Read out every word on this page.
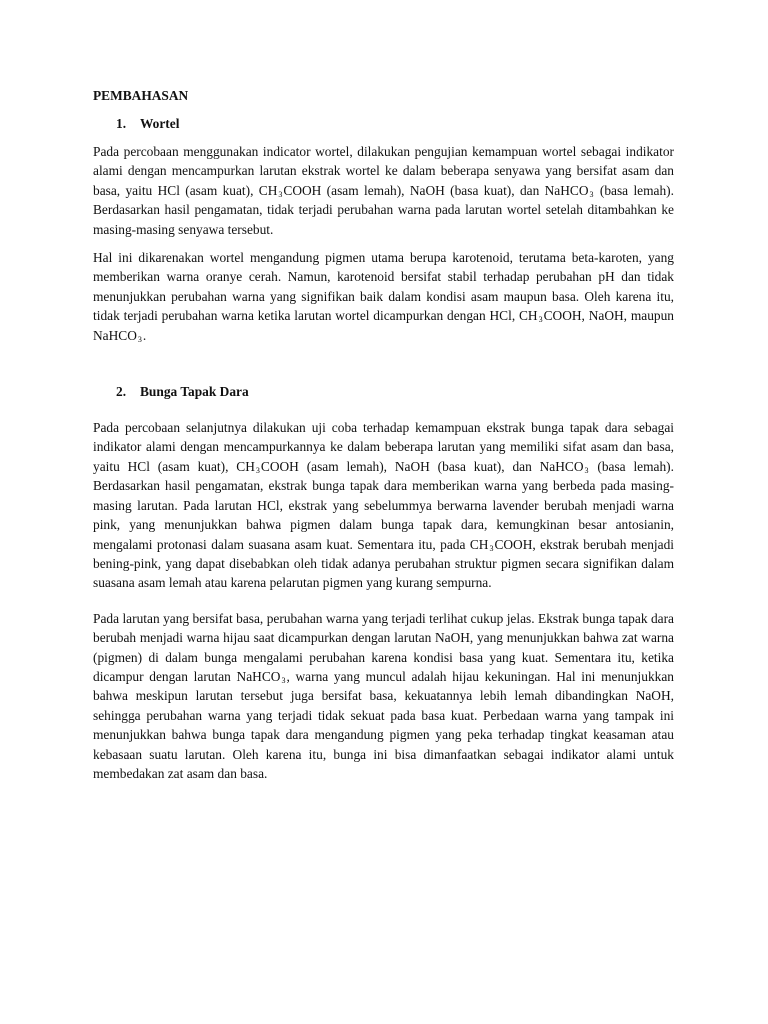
PEMBAHASAN
1. Wortel

Pada percobaan menggunakan indicator wortel, dilakukan pengujian kemampuan wortel sebagai indikator alami dengan mencampurkan larutan ekstrak wortel ke dalam beberapa senyawa yang bersifat asam dan basa, yaitu HCl (asam kuat), $CH_3COOH$ (asam lemah), NaOH (basa kuat), dan NaHCO$_3$ (basa lemah). Berdasarkan hasil pengamatan, tidak terjadi perubahan warna pada larutan wortel setelah ditambahkan ke masing-masing senyawa tersebut.

Hal ini dikarenakan wortel mengandung pigmen utama berupa karotenoid, terutama beta-karoten, yang memberikan warna oranye cerah. Namun, karotenoid bersifat stabil terhadap perubahan pH dan tidak menunjukkan perubahan warna yang signifikan baik dalam kondisi asam maupun basa. Oleh karena itu, tidak terjadi perubahan warna ketika larutan wortel dicampurkan dengan HCl, $CH_3COOH$, NaOH, maupun NaHCO$_3$.

2. Bunga Tapak Dara

Pada percobaan selanjutnya dilakukan uji coba terhadap kemampuan ekstrak bunga tapak dara sebagai indikator alami dengan mencampurkannya ke dalam beberapa larutan yang memiliki sifat asam dan basa, yaitu HCl (asam kuat), $CH_3COOH$ (asam lemah), NaOH (basa kuat), dan NaHCO$_3$ (basa lemah). Berdasarkan hasil pengamatan, ekstrak bunga tapak dara memberikan warna yang berbeda pada masing-masing larutan. Pada larutan HCl, ekstrak yang sebelummya berwarna lavender berubah menjadi warna pink, yang menunjukkan bahwa pigmen dalam bunga tapak dara, kemungkinan besar antosianin, mengalami protonasi dalam suasana asam kuat. Sementara itu, pada $CH_3COOH$, ekstrak berubah menjadi bening-pink, yang dapat disebabkan oleh tidak adanya perubahan struktur pigmen secara signifikan dalam suasana asam lemah atau karena pelarutan pigmen yang kurang sempurna.

Pada larutan yang bersifat basa, perubahan warna yang terjadi terlihat cukup jelas. Ekstrak bunga tapak dara berubah menjadi warna hijau saat dicampurkan dengan larutan NaOH, yang menunjukkan bahwa zat warna (pigmen) di dalam bunga mengalami perubahan karena kondisi basa yang kuat. Sementara itu, ketika dicampur dengan larutan NaHCO$_3$, warna yang muncul adalah hijau kekuningan. Hal ini menunjukkan bahwa meskipun larutan tersebut juga bersifat basa, kekuatannya lebih lemah dibandingkan NaOH, sehingga perubahan warna yang terjadi tidak sekuat pada basa kuat. Perbedaan warna yang tampak ini menunjukkan bahwa bunga tapak dara mengandung pigmen yang peka terhadap tingkat keasaman atau kebasaan suatu larutan. Oleh karena itu, bunga ini bisa dimanfaatkan sebagai indikator alami untuk membedakan zat asam dan basa.
